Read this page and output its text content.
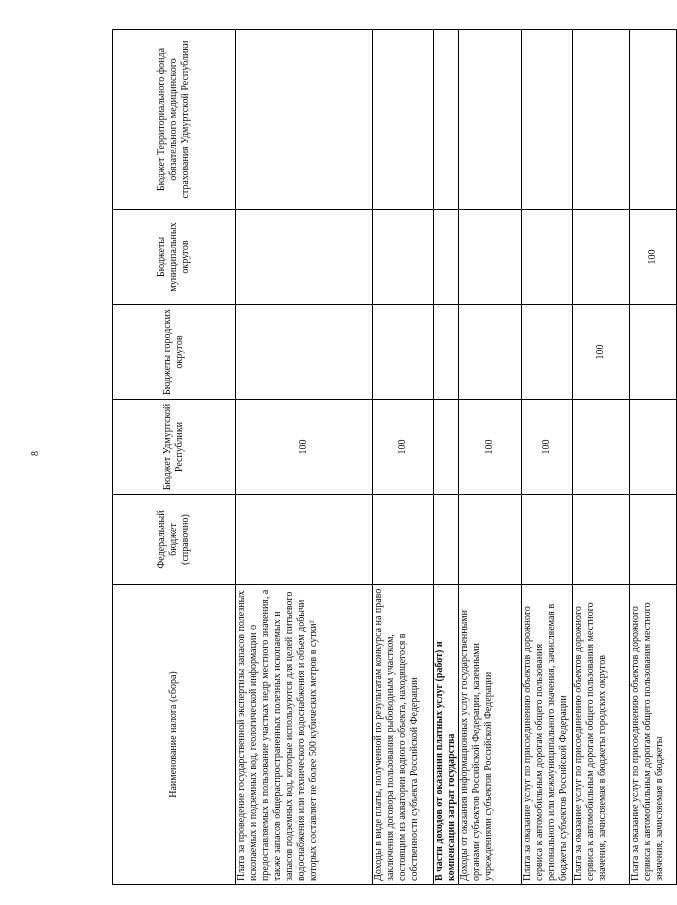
8
Наименование налога (сбора)	Федеральный бюджет (справочно)	Бюджет Удмуртской Республики	Бюджеты городских округов	Бюджеты муниципальных округов	Бюджет Территориального фонда обязательного медицинского страхования Удмуртской Республики
Плата за проведение государственной экспертизы запасов полезных ископаемых и подземных вод, геологической информации о предоставляемых в пользование участках недр местного значения, а также запасов общераспространенных полезных ископаемых и запасов подземных вод, которые используются для целей питьевого водоснабжения или технического водоснабжения и объем добычи которых составляет не более 500 кубических метров в сутки²		100			
Доходы в виде платы, полученной по результатам конкурса на право заключения договора пользования рыбоводным участком, состоящим из акватории водного объекта, находящегося в собственности субъекта Российской Федерации		100			
В части доходов от оказания платных услуг (работ) и компенсации затрат государства					
Доходы от оказания информационных услуг государственными органами субъектов Российской Федерации, казенными учреждениями субъектов Российской Федерации		100			
Плата за оказание услуг по присоединению объектов дорожного сервиса к автомобильным дорогам общего пользования регионального или межмуниципального значения, зачисляемая в бюджеты субъектов Российской Федерации		100			
Плата за оказание услуг по присоединению объектов дорожного сервиса к автомобильным дорогам общего пользования местного значения, зачисляемая в бюджеты городских округов			100		
Плата за оказание услуг по присоединению объектов дорожного сервиса к автомобильным дорогам общего пользования местного значения, зачисляемая в бюджеты				100	
